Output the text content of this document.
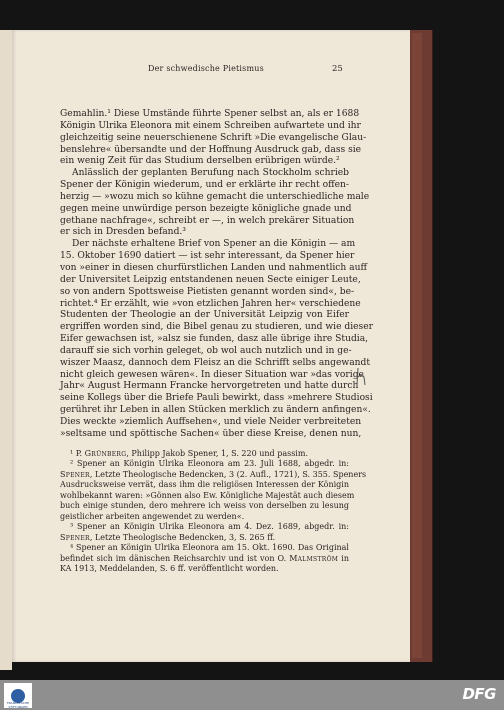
Der schwedische Pietismus	25
Gemahlin.¹ Diese Umstände führte Spener selbst an, als er 1688
Königin Ulrika Eleonora mit einem Schreiben aufwartete und ihr
gleichzeitig seine neuerschienene Schrift »Die evangelische Glau-
benslehre« übersandte und der Hoffnung Ausdruck gab, dass sie
ein wenig Zeit für das Studium derselben erübrigen würde.²
Anlässlich der geplanten Berufung nach Stockholm schrieb
Spener der Königin wiederum, und er erklärte ihr recht offen-
herzig — »wozu mich so kühne gemacht die unterschiedliche male
gegen meine unwürdige person bezeigte königliche gnade und
gethane nachfrage«, schreibt er —, in welch prekärer Situation
er sich in Dresden befand.³
Der nächste erhaltene Brief von Spener an die Königin — am
15. Oktober 1690 datiert — ist sehr interessant, da Spener hier
von »einer in diesen churfürstlichen Landen und nahmentlich auff
der Universitet Leipzig entstandenen neuen Secte einiger Leute,
so von andern Spottsweise Pietisten genannt worden sind«, be-
richtet.⁴ Er erzählt, wie »von etzlichen Jahren her« verschiedene
Studenten der Theologie an der Universität Leipzig von Eifer
ergriffen worden sind, die Bibel genau zu studieren, und wie dieser
Eifer gewachsen ist, »alsz sie funden, dasz alle übrige ihre Studia,
darauff sie sich vorhin geleget, ob wol auch nutzlich und in ge-
wiszer Maasz, dannoch dem Fleisz an die Schrifft selbs angewandt
nicht gleich gewesen wären«. In dieser Situation war »das vorige
Jahr« August Hermann Francke hervorgetreten und hatte durch
seine Kollegs über die Briefe Pauli bewirkt, dass »mehrere Studiosi
gerühret ihr Leben in allen Stücken merklich zu ändern anfingen«.
Dies weckte »ziemlich Auffsehen«, und viele Neider verbreiteten
»seltsame und spöttische Sachen« über diese Kreise, denen nun,
¹ P. Grünberg, Philipp Jakob Spener, 1, S. 220 und passim.
² Spener an Königin Ulrika Eleonora am 23. Juli 1688, abgedr. in:
Spener, Letzte Theologische Bedencken, 3 (2. Aufl., 1721), S. 355. Speners
Ausdrucksweise verrät, dass ihm die religiösen Interessen der Königin
wohlbekannt waren: »Gönnen also Ew. Königliche Majestät auch diesem
buch einige stunden, dero mehrere ich weiss von derselben zu lesung
geistlicher arbeiten angewendet zu werden«.
³ Spener an Königin Ulrika Eleonora am 4. Dez. 1689, abgedr. in:
Spener, Letzte Theologische Bedencken, 3, S. 265 ff.
⁴ Spener an Königin Ulrika Eleonora am 15. Okt. 1690. Das Original
befindet sich im dänischen Reichsarchiv und ist von O. Malmström in
KA 1913, Meddelanden, S. 6 ff. veröffentlicht worden.
FRANCKESCHE STIFTUNGEN
DFG
